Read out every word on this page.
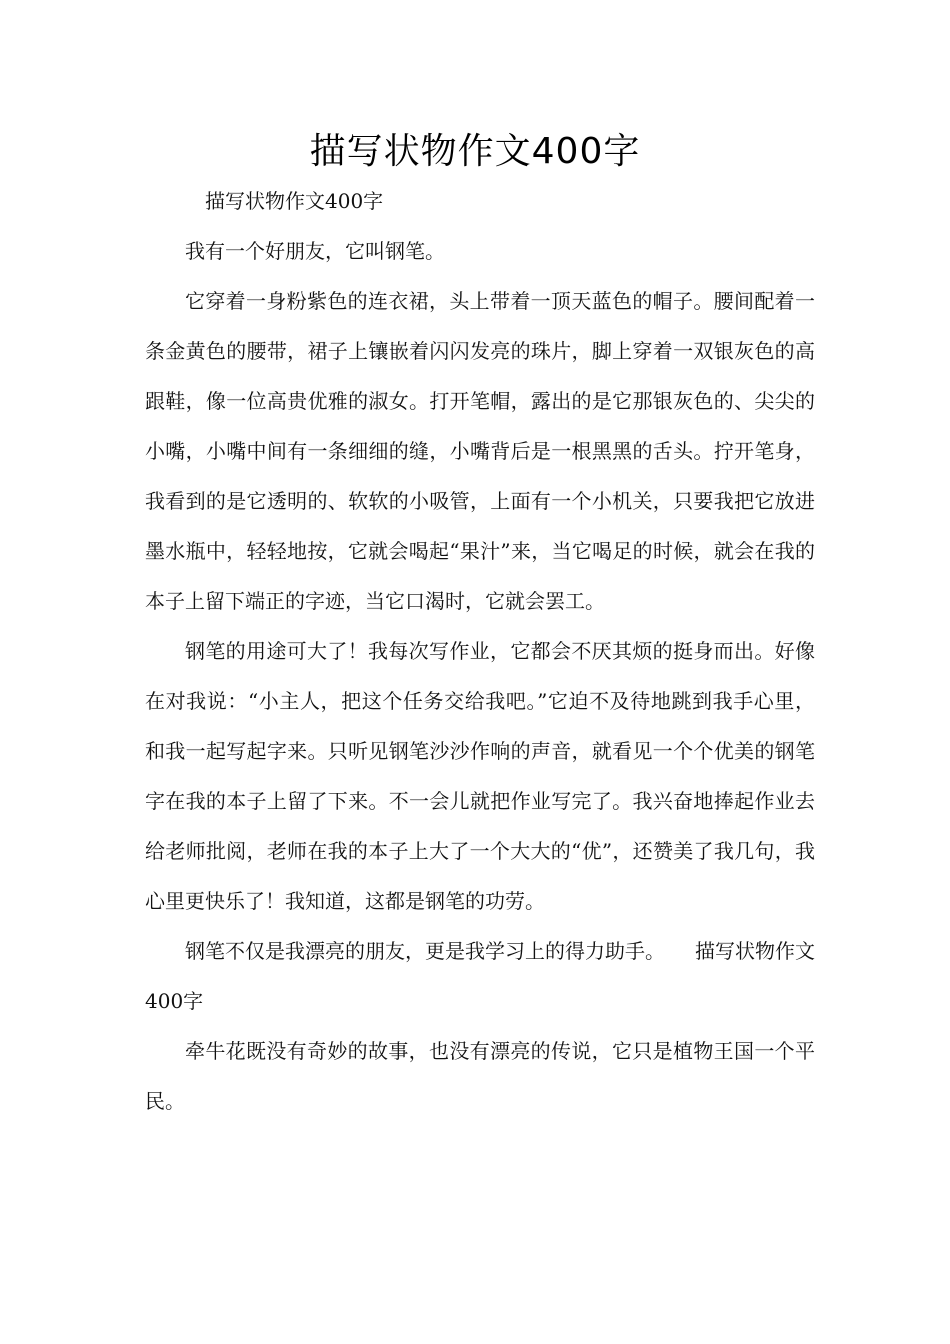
描写状物作文400字

描写状物作文400字

我有一个好朋友，它叫钢笔。

它穿着一身粉紫色的连衣裙，头上带着一顶天蓝色的帽子。腰间配着一条金黄色的腰带，裙子上镶嵌着闪闪发亮的珠片，脚上穿着一双银灰色的高跟鞋，像一位高贵优雅的淑女。打开笔帽，露出的是它那银灰色的、尖尖的小嘴，小嘴中间有一条细细的缝，小嘴背后是一根黑黑的舌头。拧开笔身，我看到的是它透明的、软软的小吸管，上面有一个小机关，只要我把它放进墨水瓶中，轻轻地按，它就会喝起“果汁”来，当它喝足的时候，就会在我的本子上留下端正的字迹，当它口渴时，它就会罢工。

钢笔的用途可大了！我每次写作业，它都会不厌其烦的挺身而出。好像在对我说：“小主人，把这个任务交给我吧。”它迫不及待地跳到我手心里，和我一起写起字来。只听见钢笔沙沙作响的声音，就看见一个个优美的钢笔字在我的本子上留了下来。不一会儿就把作业写完了。我兴奋地捧起作业去给老师批阅，老师在我的本子上大了一个大大的“优”，还赞美了我几句，我心里更快乐了！我知道，这都是钢笔的功劳。

钢笔不仅是我漂亮的朋友，更是我学习上的得力助手。　　描写状物作文400字

牵牛花既没有奇妙的故事，也没有漂亮的传说，它只是植物王国一个平民。
